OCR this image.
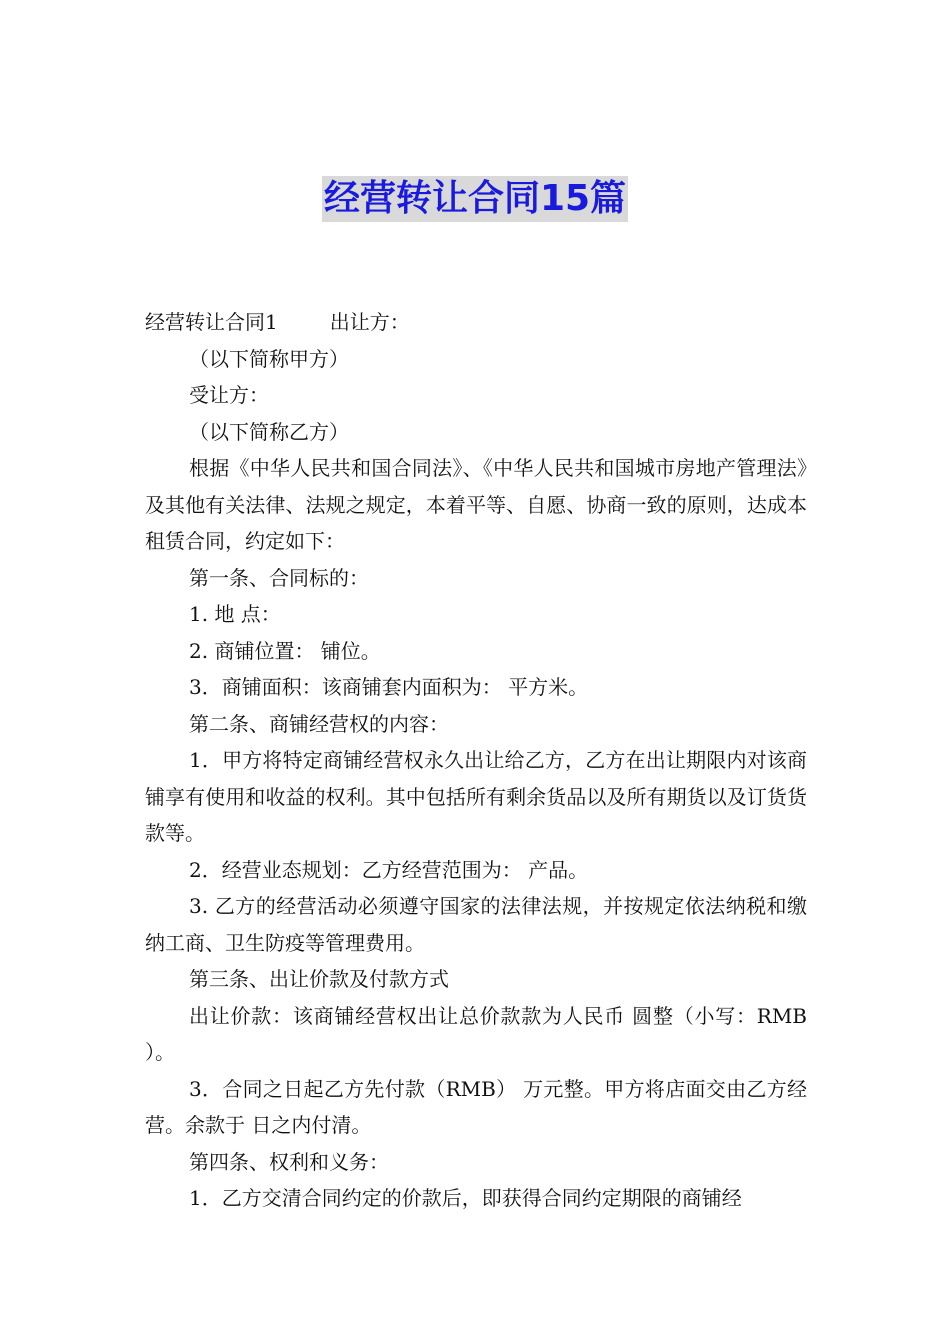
经营转让合同15篇

经营转让合同1	出让方：

（以下简称甲方）

受让方：

（以下简称乙方）

根据《中华人民共和国合同法》、《中华人民共和国城市房地产管理法》及其他有关法律、法规之规定，本着平等、自愿、协商一致的原则，达成本租赁合同，约定如下：

第一条、合同标的：

1. 地 点：

2. 商铺位置： 铺位。

3．商铺面积：该商铺套内面积为： 平方米。

第二条、商铺经营权的内容：

1．甲方将特定商铺经营权永久出让给乙方，乙方在出让期限内对该商铺享有使用和收益的权利。其中包括所有剩余货品以及所有期货以及订货货款等。

2．经营业态规划：乙方经营范围为： 产品。

3. 乙方的经营活动必须遵守国家的法律法规，并按规定依法纳税和缴纳工商、卫生防疫等管理费用。

第三条、出让价款及付款方式

出让价款：该商铺经营权出让总价款款为人民币 圆整（小写：RMB ）。

3．合同之日起乙方先付款（RMB） 万元整。甲方将店面交由乙方经营。余款于 日之内付清。

第四条、权利和义务：

1．乙方交清合同约定的价款后，即获得合同约定期限的商铺经
